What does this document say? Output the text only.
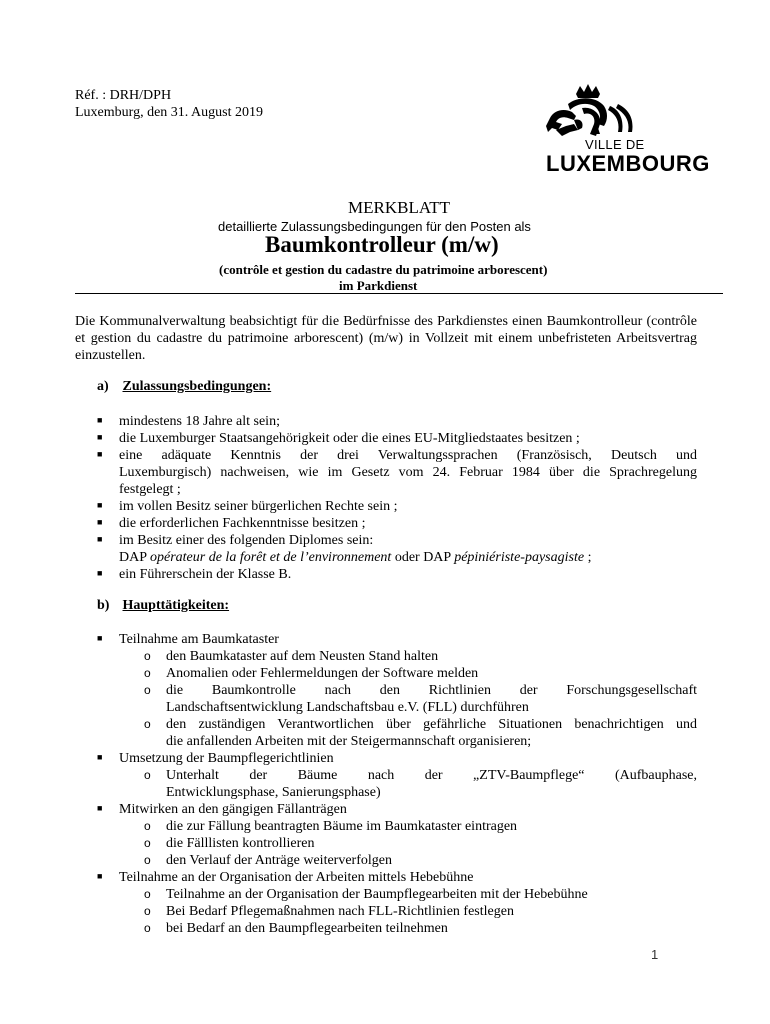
Réf. : DRH/DPH
Luxemburg, den 31. August 2019
VILLE DE
LUXEMBOURG
MERKBLATT
detaillierte Zulassungsbedingungen für den Posten als
Baumkontrolleur (m/w)
(contrôle et gestion du cadastre du patrimoine arborescent)
im Parkdienst
Die Kommunalverwaltung beabsichtigt für die Bedürfnisse des Parkdienstes einen Baumkontrolleur (contrôle et gestion du cadastre du patrimoine arborescent) (m/w) in Vollzeit mit einem unbefristeten Arbeitsvertrag einzustellen.
a) Zulassungsbedingungen:
■ mindestens 18 Jahre alt sein;
■ die Luxemburger Staatsangehörigkeit oder die eines EU-Mitgliedstaates besitzen ;
■ eine adäquate Kenntnis der drei Verwaltungssprachen (Französisch, Deutsch und
Luxemburgisch) nachweisen, wie im Gesetz vom 24. Februar 1984 über die Sprachregelung
festgelegt ;
■ im vollen Besitz seiner bürgerlichen Rechte sein ;
■ die erforderlichen Fachkenntnisse besitzen ;
■ im Besitz einer des folgenden Diplomes sein:
DAP opérateur de la forêt et de l’environnement oder DAP pépiniériste-paysagiste ;
■ ein Führerschein der Klasse B.
b) Haupttätigkeiten:
■ Teilnahme am Baumkataster
o den Baumkataster auf dem Neusten Stand halten
o Anomalien oder Fehlermeldungen der Software melden
o die Baumkontrolle nach den Richtlinien der Forschungsgesellschaft
Landschaftsentwicklung Landschaftsbau e.V. (FLL) durchführen
o den zuständigen Verantwortlichen über gefährliche Situationen benachrichtigen und
die anfallenden Arbeiten mit der Steigermannschaft organisieren;
■ Umsetzung der Baumpflegerichtlinien
o Unterhalt der Bäume nach der „ZTV-Baumpflege“ (Aufbauphase,
Entwicklungsphase, Sanierungsphase)
■ Mitwirken an den gängigen Fällanträgen
o die zur Fällung beantragten Bäume im Baumkataster eintragen
o die Fälllisten kontrollieren
o den Verlauf der Anträge weiterverfolgen
■ Teilnahme an der Organisation der Arbeiten mittels Hebebühne
o Teilnahme an der Organisation der Baumpflegearbeiten mit der Hebebühne
o Bei Bedarf Pflegemaßnahmen nach FLL-Richtlinien festlegen
o bei Bedarf an den Baumpflegearbeiten teilnehmen
1
